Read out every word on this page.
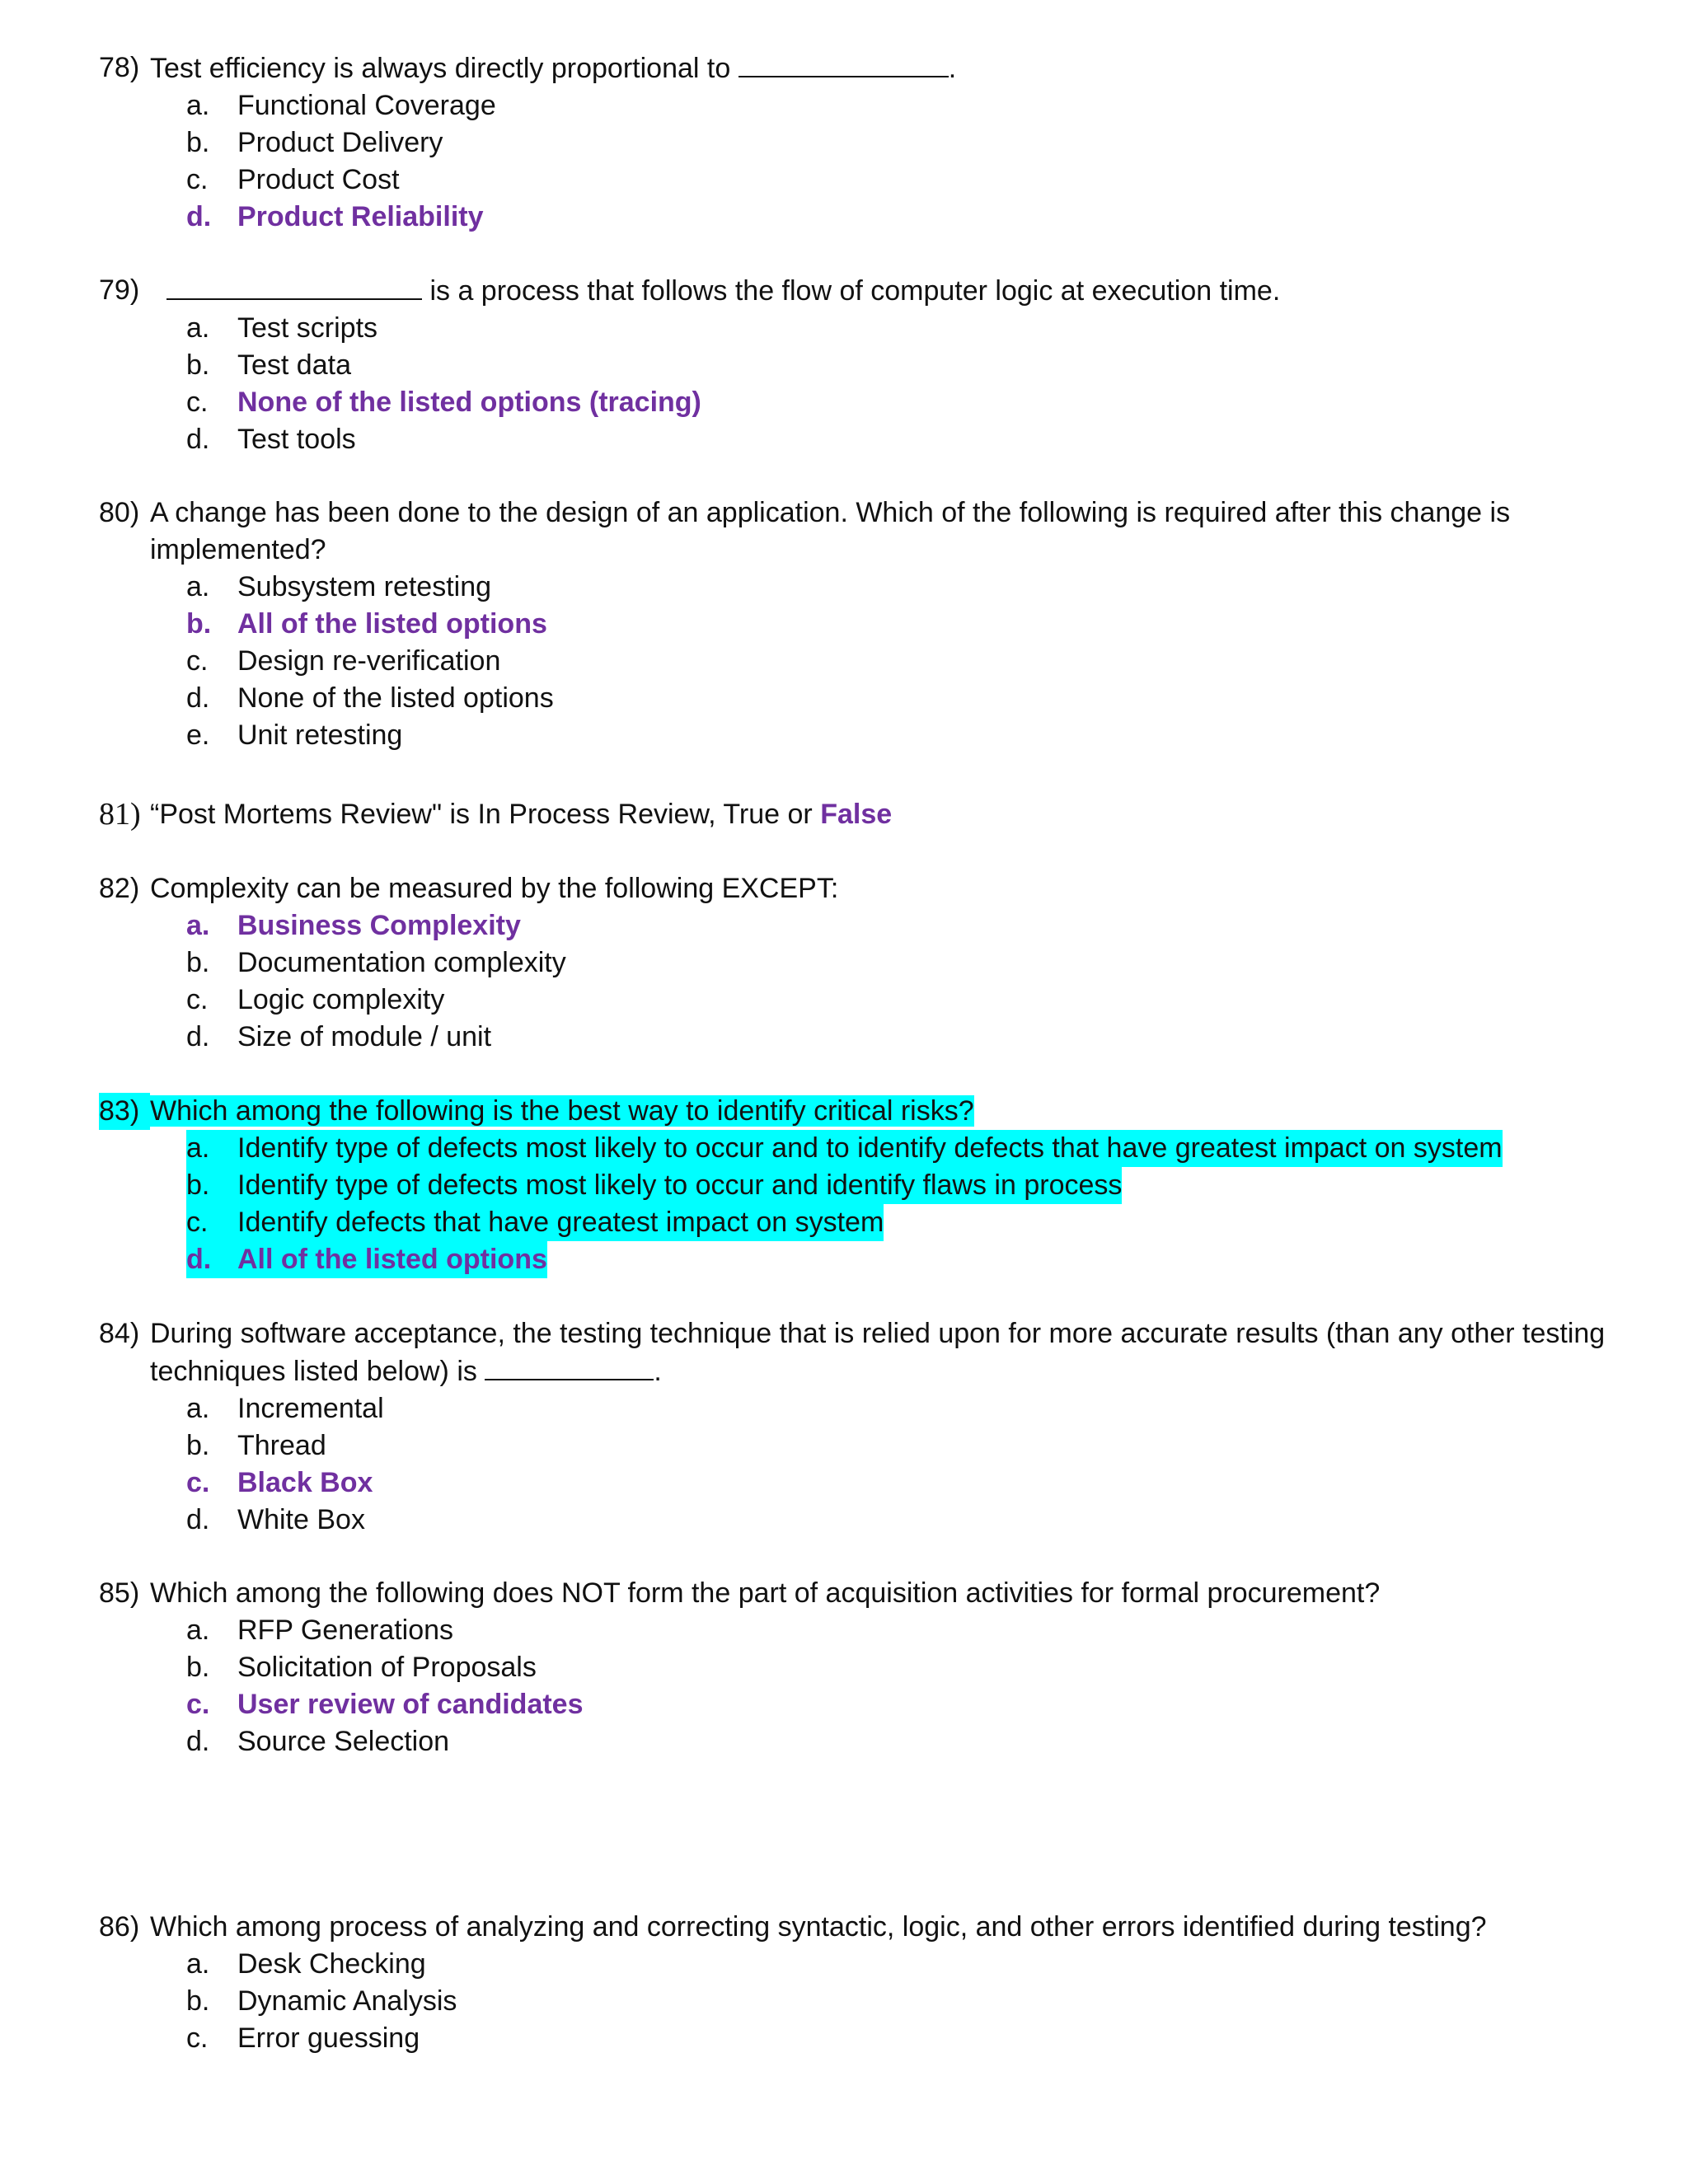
78) Test efficiency is always directly proportional to	.
a. Functional Coverage
b. Product Delivery
c.	Product Cost
d. Product Reliability
79)	is a process that follows the flow of computer logic at execution time.
a. Test scripts
b. Test data
c.	None of the listed options (tracing)
d. Test tools
80) A change has been done to the design of an application. Which of the following is required after this change is implemented?
a. Subsystem retesting
b. All of the listed options
c.	Design re-verification
d. None of the listed options
e. Unit retesting
81) “Post Mortems Review" is In Process Review, True or False
82) Complexity can be measured by the following EXCEPT:
a. Business Complexity
b. Documentation complexity
c.	Logic complexity
d. Size of module / unit
83) Which among the following is the best way to identify critical risks?
a. Identify type of defects most likely to occur and to identify defects that have greatest impact on system
b. Identify type of defects most likely to occur and identify flaws in process
c.	Identify defects that have greatest impact on system
d. All of the listed options
84) During software acceptance, the testing technique that is relied upon for more accurate results (than any other testing techniques listed below) is	.
a. Incremental
b. Thread
c. Black Box
d. White Box
85) Which among the following does NOT form the part of acquisition activities for formal procurement?
a. RFP Generations
b. Solicitation of Proposals
c. User review of candidates
d. Source Selection
86) Which among process of analyzing and correcting syntactic, logic, and other errors identified during testing?
a. Desk Checking
b. Dynamic Analysis
c.	Error guessing
